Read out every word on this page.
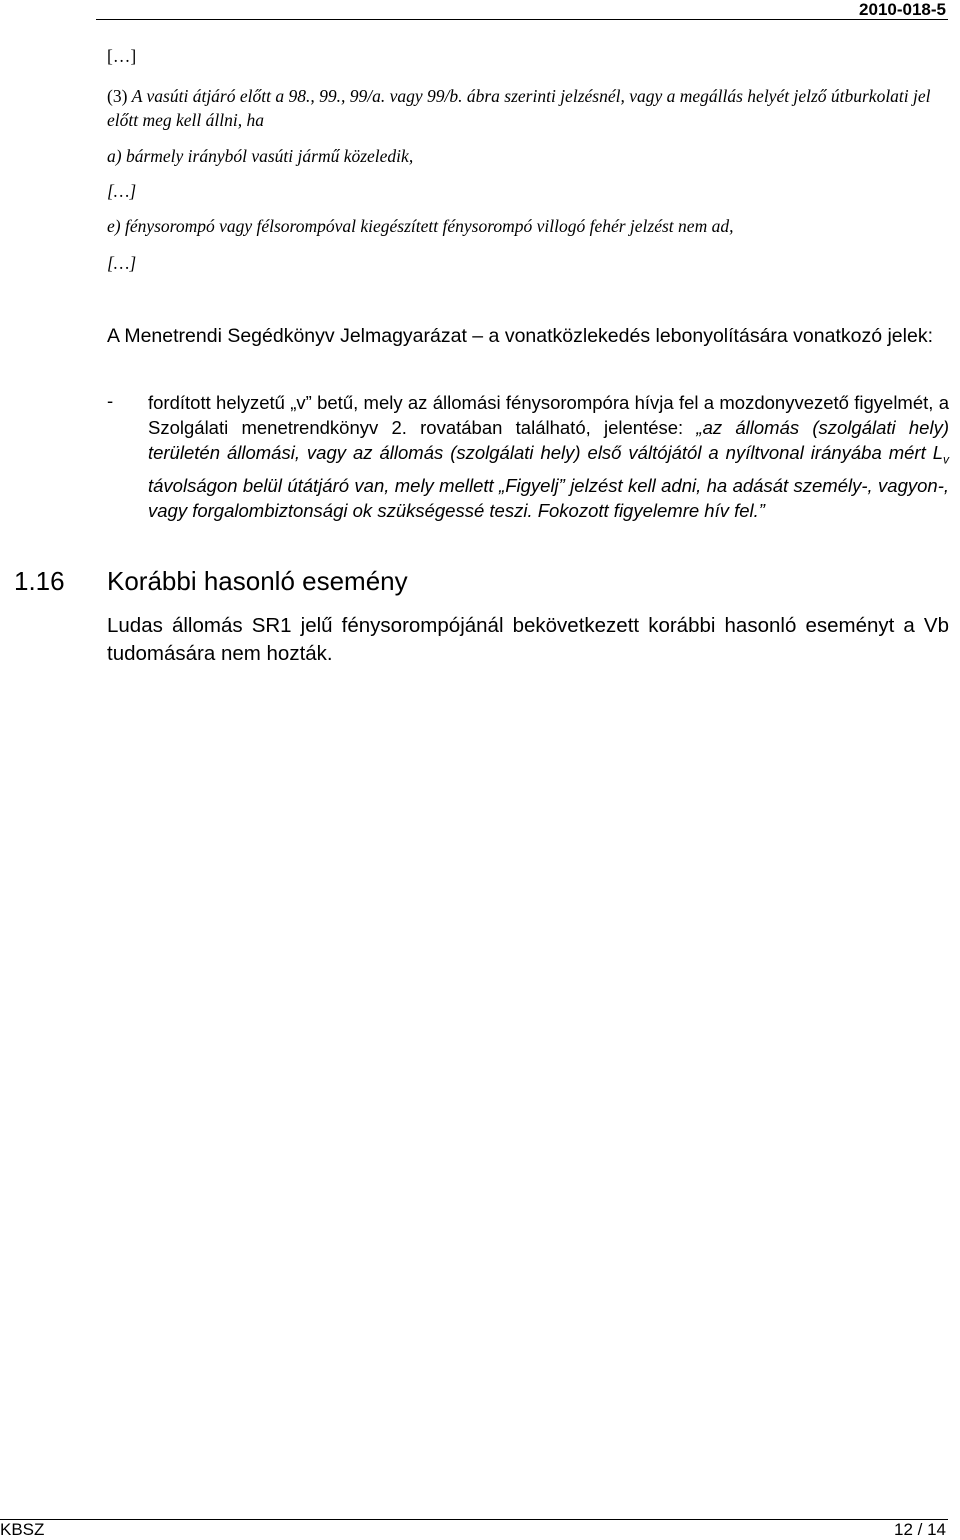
2010-018-5
[…]
(3) A vasúti átjáró előtt a 98., 99., 99/a. vagy 99/b. ábra szerinti jelzésnél, vagy a megállás helyét jelző útburkolati jel előtt meg kell állni, ha
a) bármely irányból vasúti jármű közeledik,
[…]
e) fénysorompó vagy félsorompóval kiegészített fénysorompó villogó fehér jelzést nem ad,
[…]
A Menetrendi Segédkönyv Jelmagyarázat – a vonatközlekedés lebonyolítására vonatkozó jelek:
- fordított helyzetű „v” betű, mely az állomási fénysorompóra hívja fel a mozdonyvezető figyelmét, a Szolgálati menetrendkönyv 2. rovatában található, jelentése: „az állomás (szolgálati hely) területén állomási, vagy az állomás (szolgálati hely) első váltójától a nyíltvonal irányába mért $L_v$ távolságon belül útátjáró van, mely mellett „Figyelj” jelzést kell adni, ha adását személy-, vagyon-, vagy forgalombiztonsági ok szükségessé teszi. Fokozott figyelemre hív fel.”
1.16 Korábbi hasonló esemény
Ludas állomás SR1 jelű fénysorompójánál bekövetkezett korábbi hasonló eseményt a Vb tudomására nem hozták.
KBSZ	12 / 14
